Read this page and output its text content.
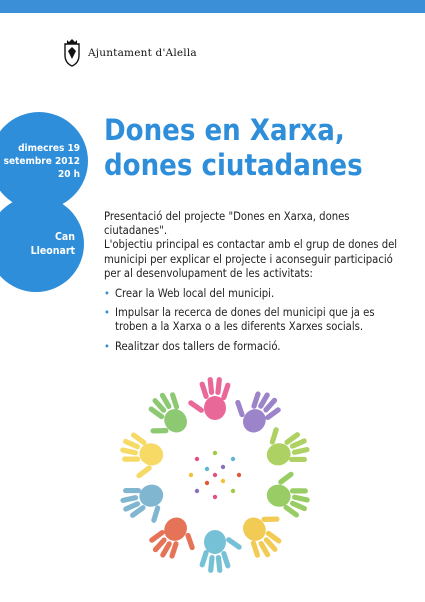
Ajuntament d'Alella
dimecres 19
setembre 2012
20 h
Can
Lleonart
Dones en Xarxa,
dones ciutadanes

Presentació del projecte "Dones en Xarxa, dones ciutadanes".

L'objectiu principal es contactar amb el grup de dones del municipi per explicar el projecte i aconseguir participació per al desenvolupament de les activitats:

• Crear la Web local del municipi.
• Impulsar la recerca de dones del municipi que ja es troben a la Xarxa o a les diferents Xarxes socials.
• Realitzar dos tallers de formació.
